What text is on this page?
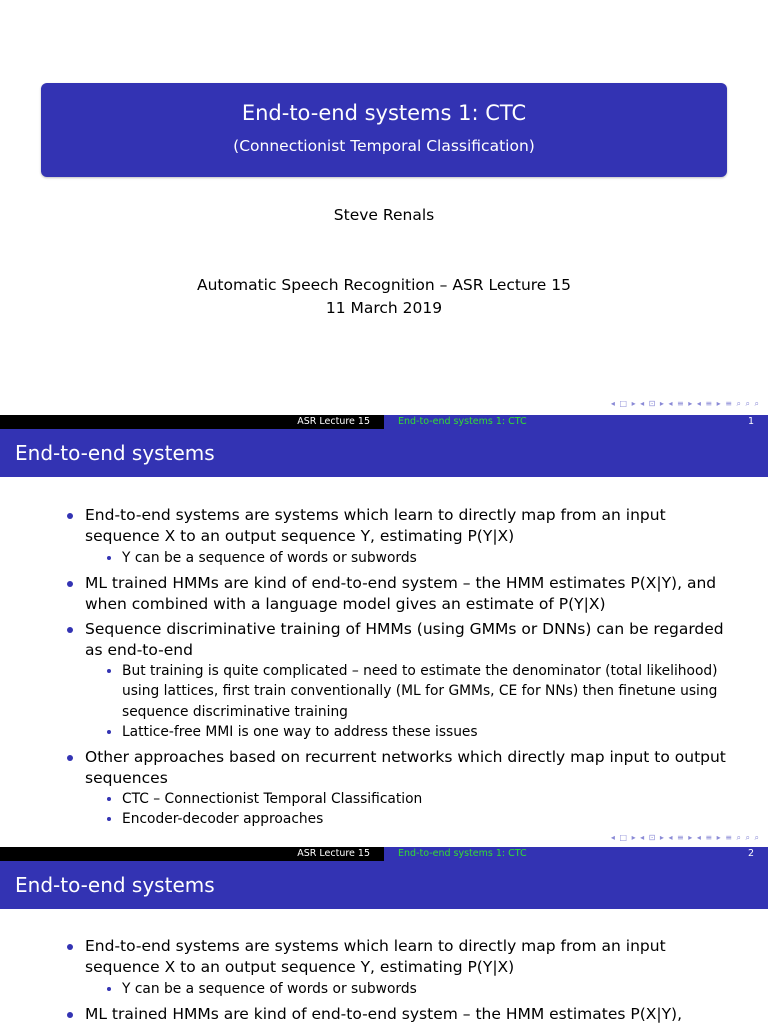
End-to-end systems 1: CTC
(Connectionist Temporal Classification)
Steve Renals
Automatic Speech Recognition – ASR Lecture 15
11 March 2019
◂ □ ▸ ◂ ⊡ ▸ ◂ ≡ ▸ ◂ ≡ ▸ ≡ ⌕ ⌕ ⌕
ASR Lecture 15	End-to-end systems 1: CTC	1
End-to-end systems
End-to-end systems are systems which learn to directly map from an input sequence X to an output sequence Y, estimating P(Y|X)
Y can be a sequence of words or subwords
ML trained HMMs are kind of end-to-end system – the HMM estimates P(X|Y), and when combined with a language model gives an estimate of P(Y|X)
Sequence discriminative training of HMMs (using GMMs or DNNs) can be regarded as end-to-end
But training is quite complicated – need to estimate the denominator (total likelihood) using lattices, first train conventionally (ML for GMMs, CE for NNs) then finetune using sequence discriminative training
Lattice-free MMI is one way to address these issues
Other approaches based on recurrent networks which directly map input to output sequences
CTC – Connectionist Temporal Classification
Encoder-decoder approaches
◂ □ ▸ ◂ ⊡ ▸ ◂ ≡ ▸ ◂ ≡ ▸ ≡ ⌕ ⌕ ⌕
ASR Lecture 15	End-to-end systems 1: CTC	2
End-to-end systems
End-to-end systems are systems which learn to directly map from an input sequence X to an output sequence Y, estimating P(Y|X)
Y can be a sequence of words or subwords
ML trained HMMs are kind of end-to-end system – the HMM estimates P(X|Y),
